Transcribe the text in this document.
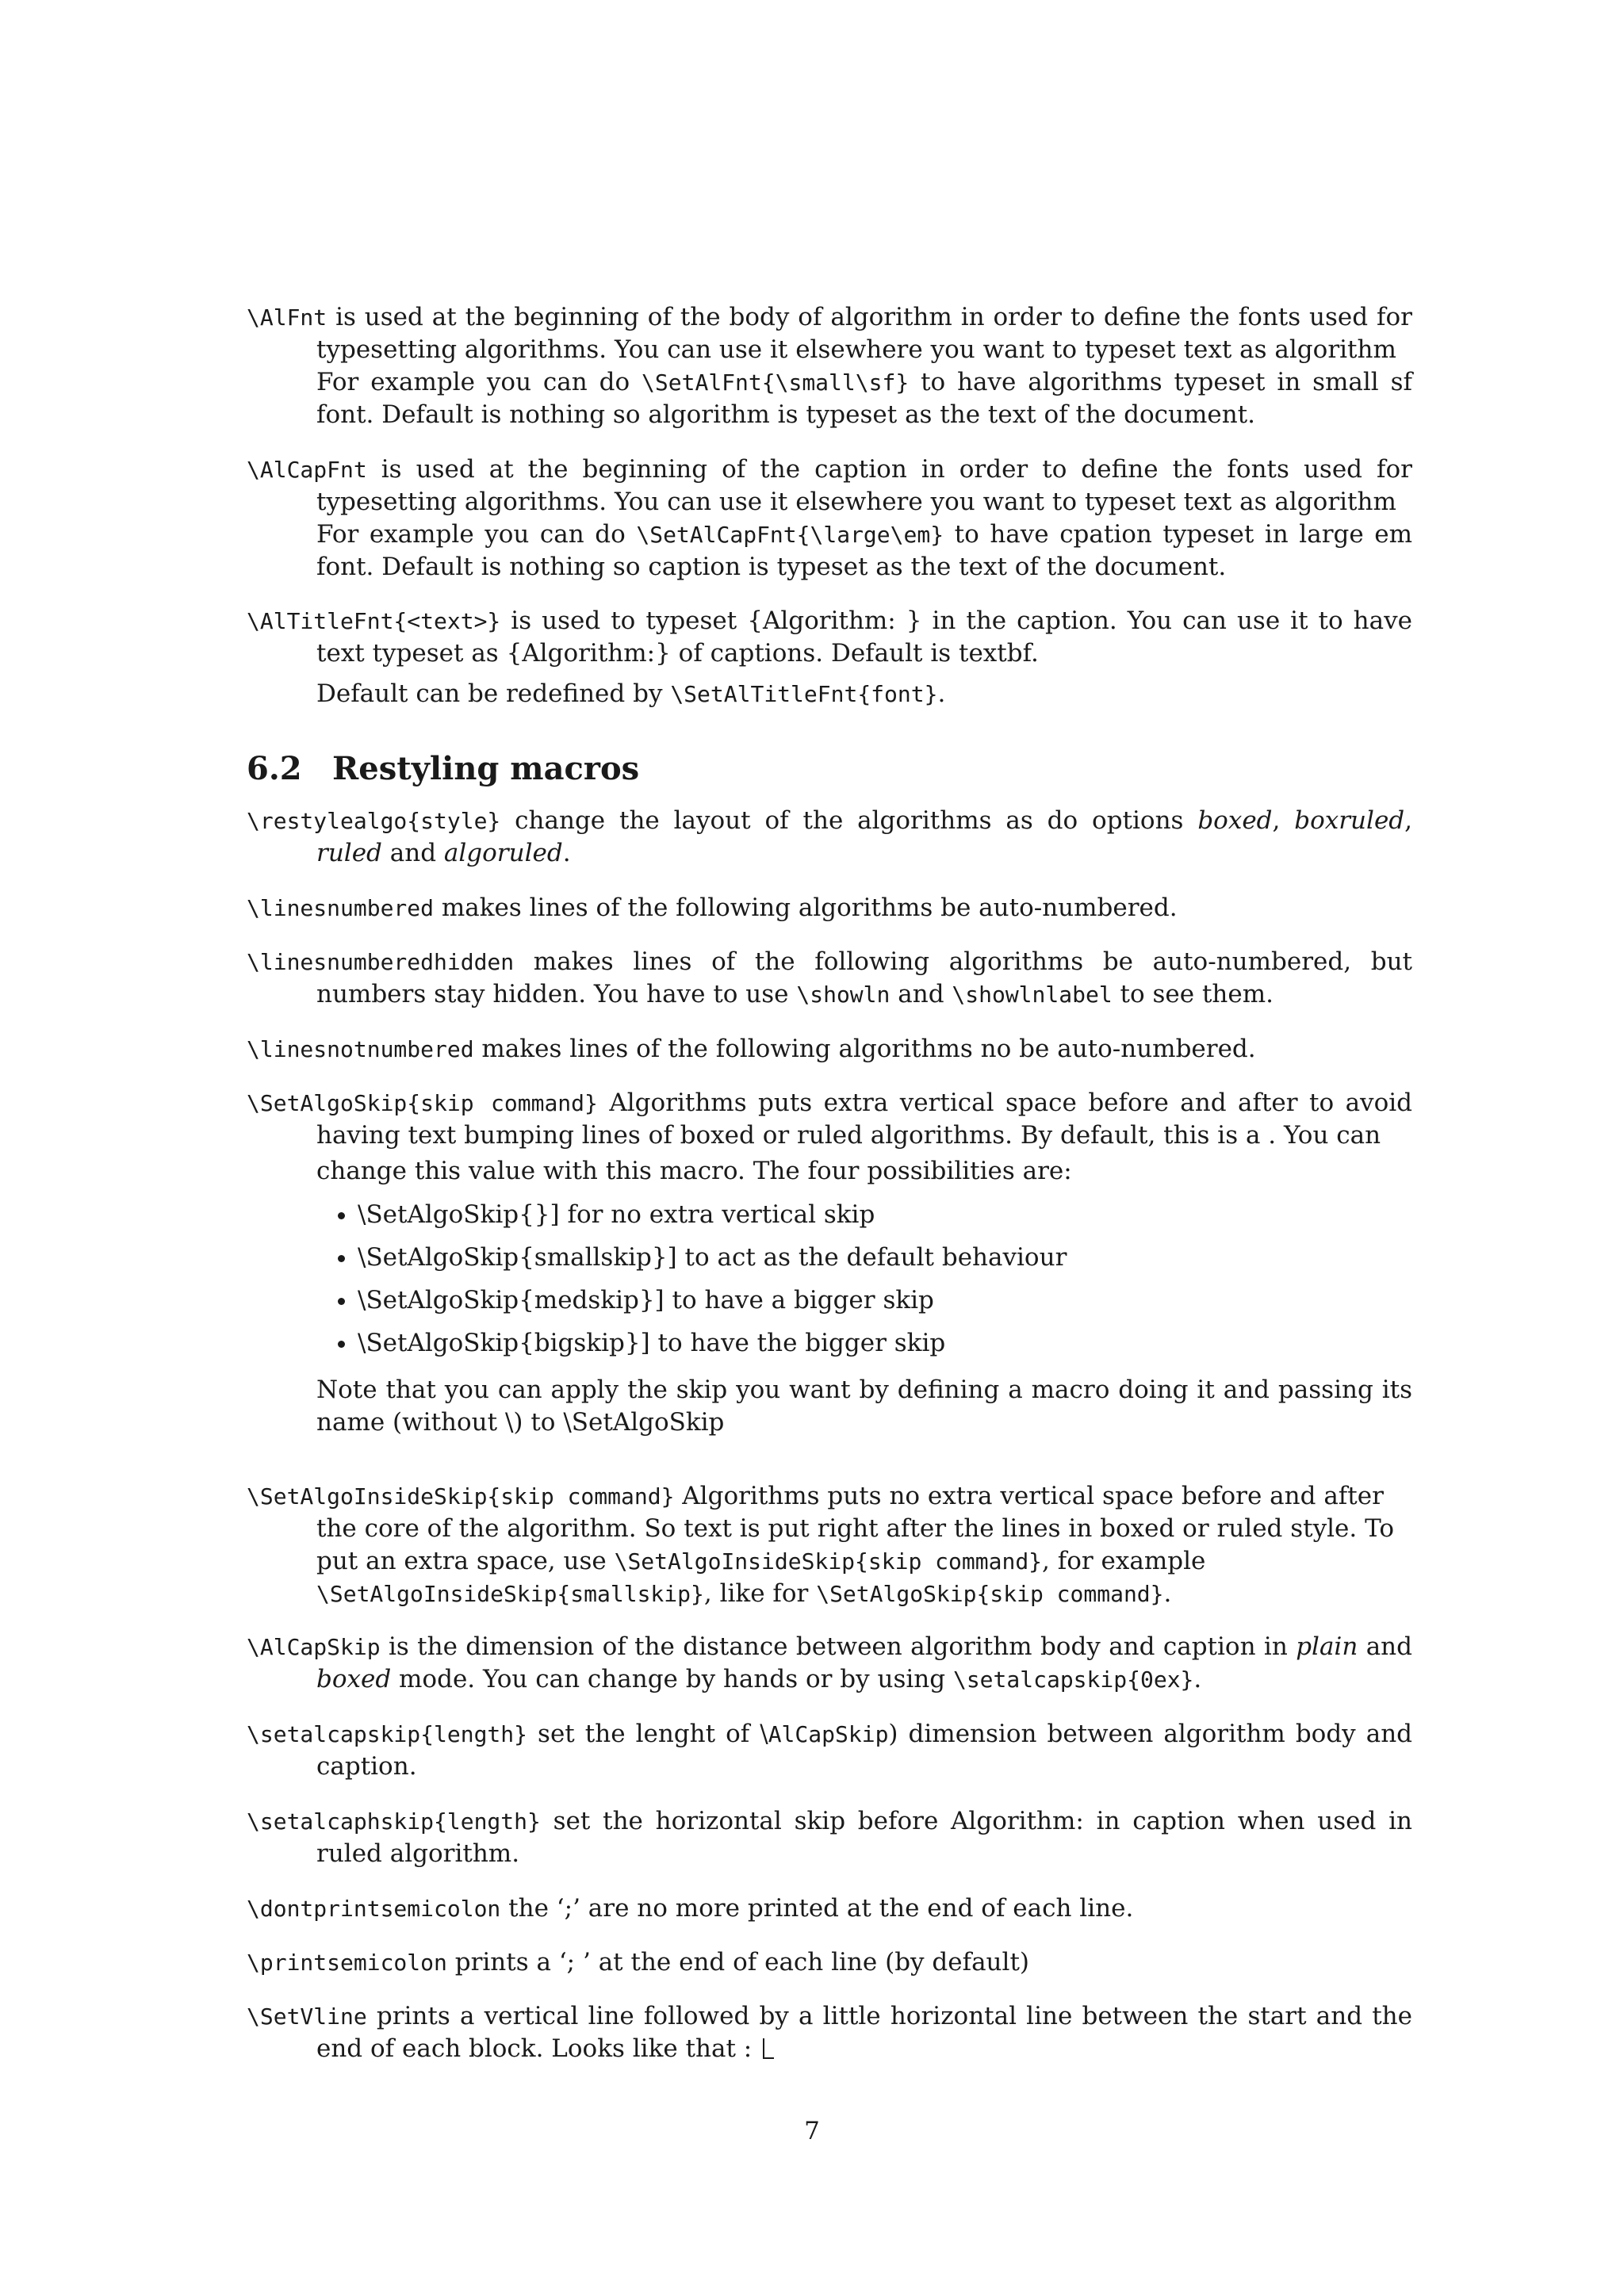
\AlFnt is used at the beginning of the body of algorithm in order to define the fonts used for typesetting algorithms. You can use it elsewhere you want to typeset text as algorithm

For example you can do \SetAlFnt{\small\sf} to have algorithms typeset in small sf font. Default is nothing so algorithm is typeset as the text of the document.

\AlCapFnt is used at the beginning of the caption in order to define the fonts used for typesetting algorithms. You can use it elsewhere you want to typeset text as algorithm

For example you can do \SetAlCapFnt{\large\em} to have cpation typeset in large em font. Default is nothing so caption is typeset as the text of the document.

\AlTitleFnt{<text>} is used to typeset {Algorithm: } in the caption. You can use it to have text typeset as {Algorithm:} of captions. Default is textbf.

Default can be redefined by \SetAlTitleFnt{font}.

6.2 Restyling macros

\restylealgo{style} change the layout of the algorithms as do options boxed, boxruled, ruled and algoruled.

\linesnumbered makes lines of the following algorithms be auto-numbered.

\linesnumberedhidden makes lines of the following algorithms be auto-numbered, but numbers stay hidden. You have to use \showln and \showlnlabel to see them.

\linesnotnumbered makes lines of the following algorithms no be auto-numbered.

\SetAlgoSkip{skip command} Algorithms puts extra vertical space before and after to avoid having text bumping lines of boxed or ruled algorithms. By default, this is a . You can

change this value with this macro. The four possibilities are:

• \SetAlgoSkip{}] for no extra vertical skip
• \SetAlgoSkip{smallskip}] to act as the default behaviour
• \SetAlgoSkip{medskip}] to have a bigger skip
• \SetAlgoSkip{bigskip}] to have the bigger skip

Note that you can apply the skip you want by defining a macro doing it and passing its name (without \) to \SetAlgoSkip

\SetAlgoInsideSkip{skip command} Algorithms puts no extra vertical space before and after the core of the algorithm. So text is put right after the lines in boxed or ruled style. To put an extra space, use \SetAlgoInsideSkip{skip command}, for example \SetAlgoInsideSkip{smallskip}, like for \SetAlgoSkip{skip command}.

\AlCapSkip is the dimension of the distance between algorithm body and caption in plain and boxed mode. You can change by hands or by using \setalcapskip{0ex}.

\setalcapskip{length} set the lenght of \AlCapSkip) dimension between algorithm body and caption.

\setalcaphskip{length} set the horizontal skip before Algorithm: in caption when used in ruled algorithm.

\dontprintsemicolon the ‘;’ are no more printed at the end of each line.

\printsemicolon prints a ‘; ’ at the end of each line (by default)

\SetVline prints a vertical line followed by a little horizontal line between the start and the end of each block. Looks like that :

7
